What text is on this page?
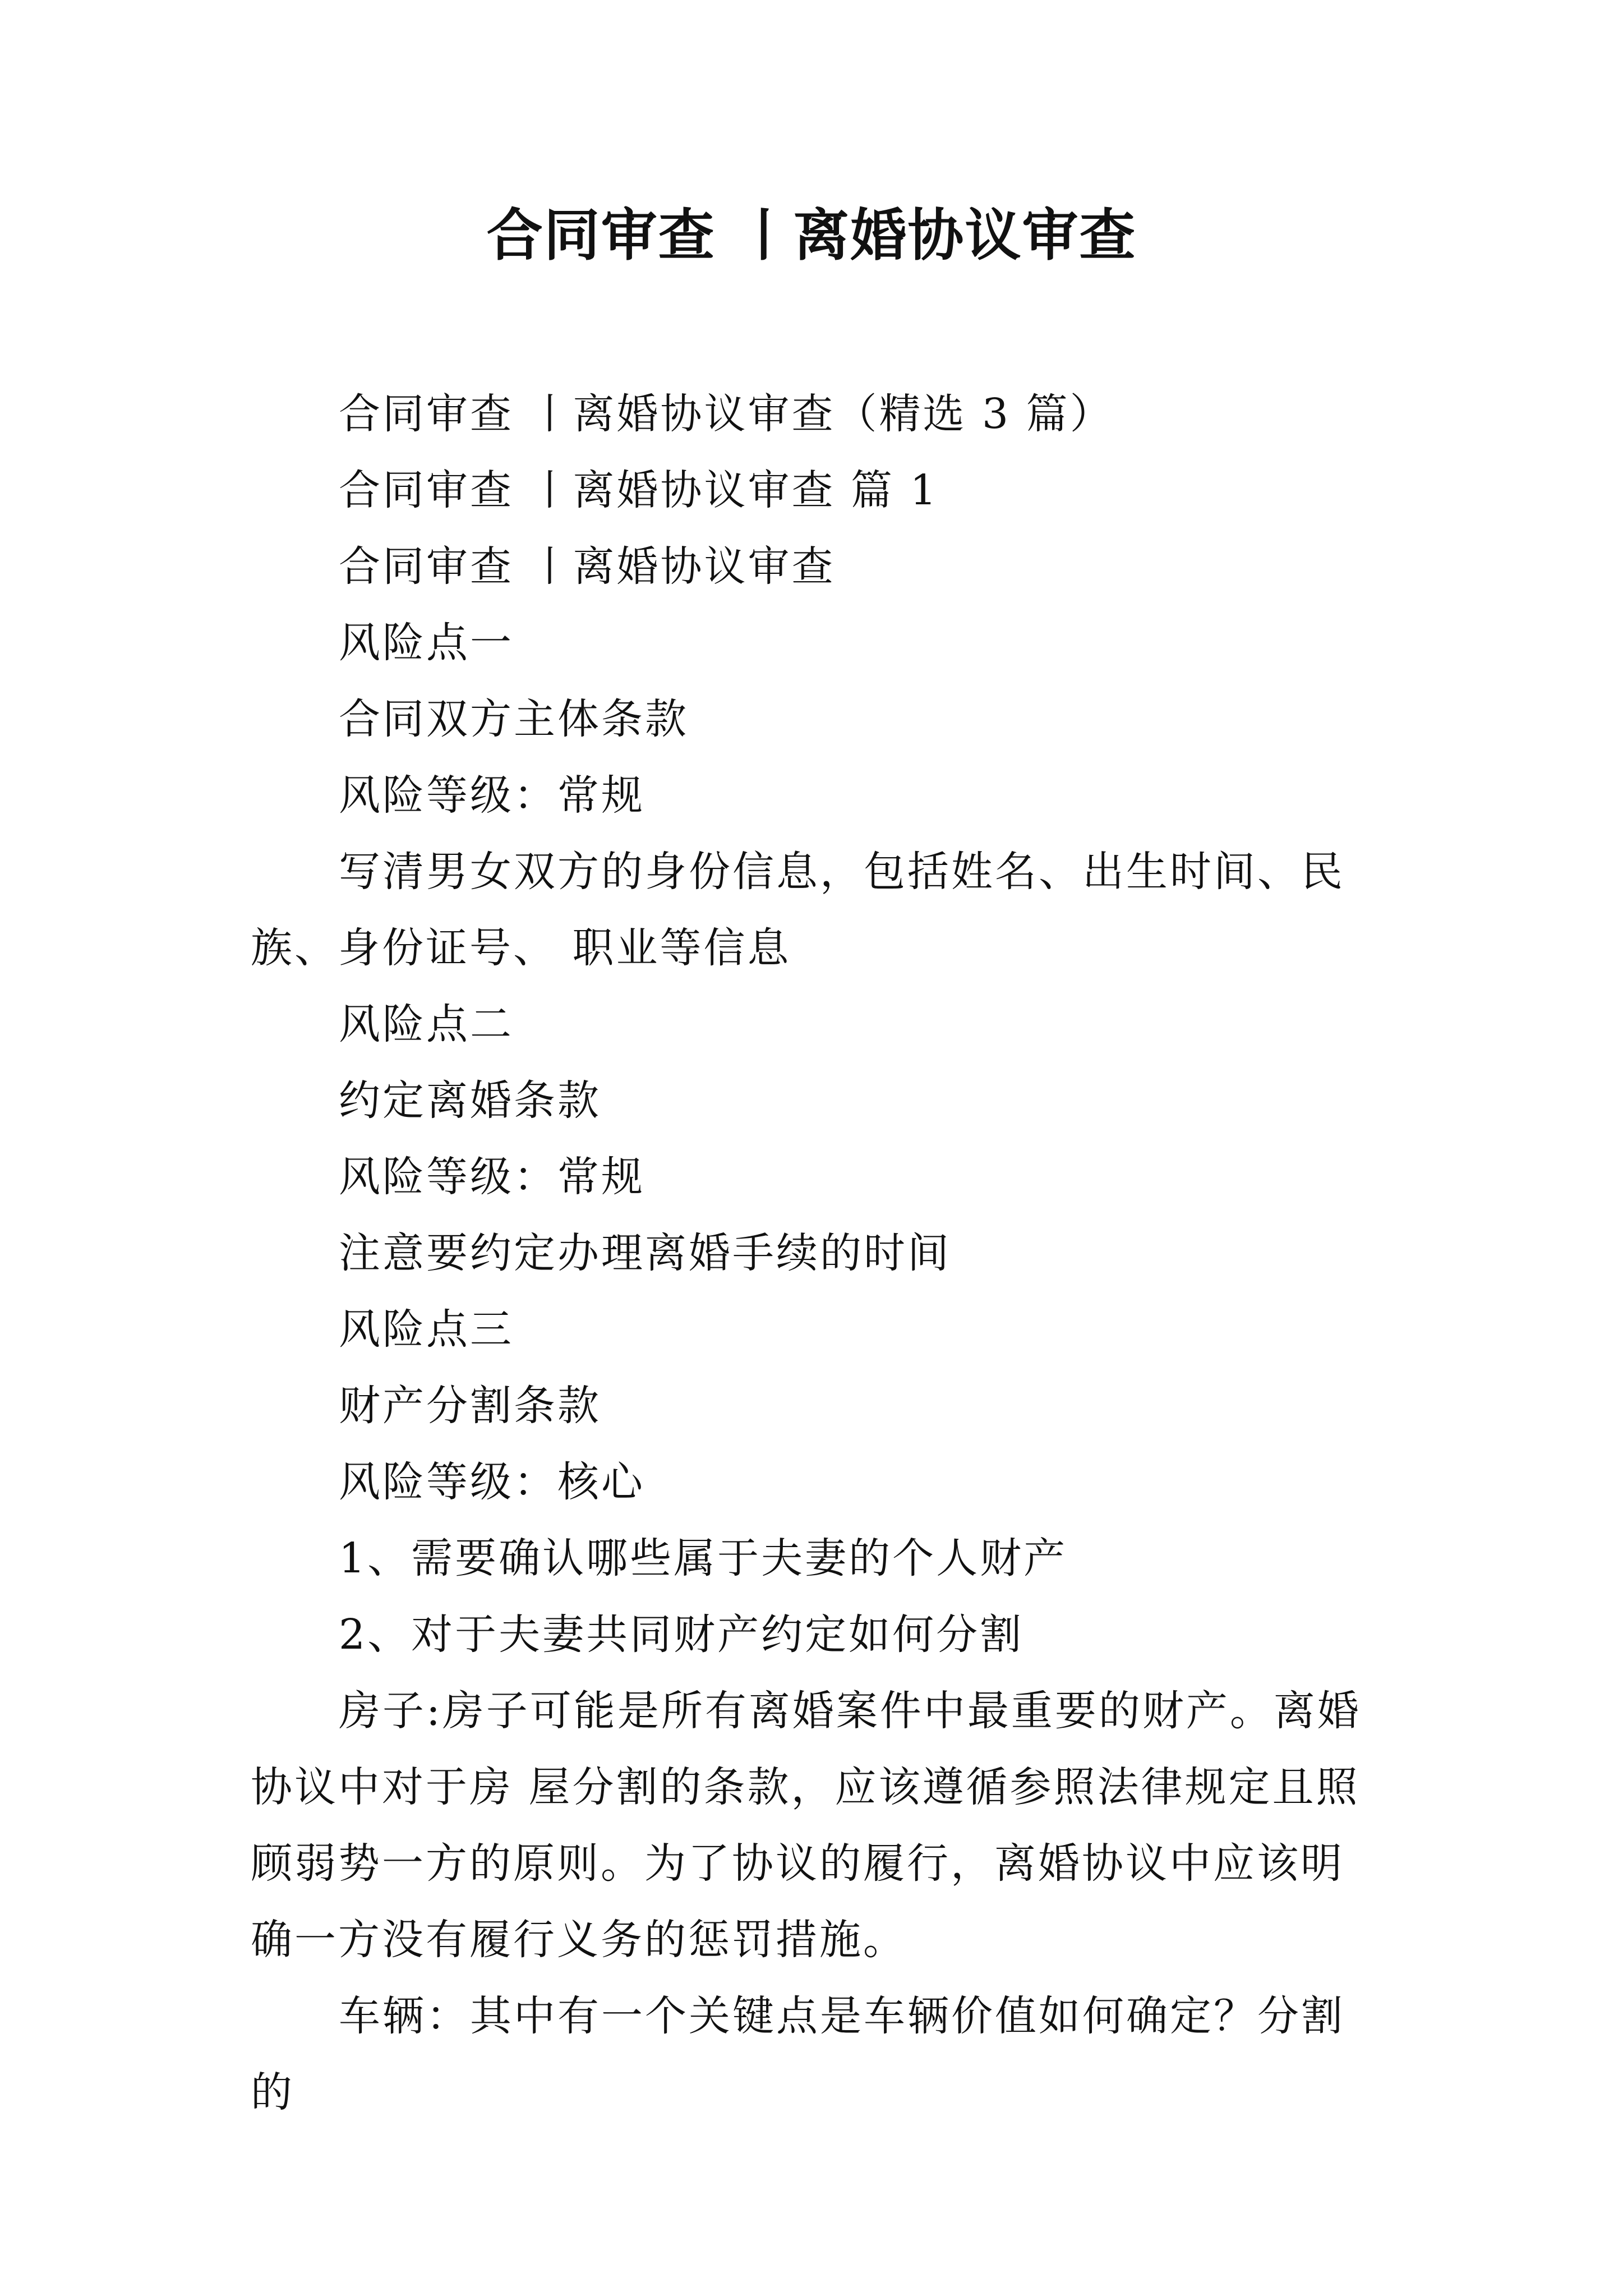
合同审查 丨离婚协议审查

合同审查 丨离婚协议审查（精选 3 篇）

合同审查 丨离婚协议审查 篇 1

合同审查 丨离婚协议审查

风险点一

合同双方主体条款

风险等级：常规

写清男女双方的身份信息，包括姓名、出生时间、民族、身份证号、 职业等信息

风险点二

约定离婚条款

风险等级：常规

注意要约定办理离婚手续的时间

风险点三

财产分割条款

风险等级：核心

1、需要确认哪些属于夫妻的个人财产

2、对于夫妻共同财产约定如何分割

房子:房子可能是所有离婚案件中最重要的财产。离婚协议中对于房 屋分割的条款，应该遵循参照法律规定且照顾弱势一方的原则。为了协议的履行，离婚协议中应该明确一方没有履行义务的惩罚措施。

车辆：其中有一个关键点是车辆价值如何确定？分割的
